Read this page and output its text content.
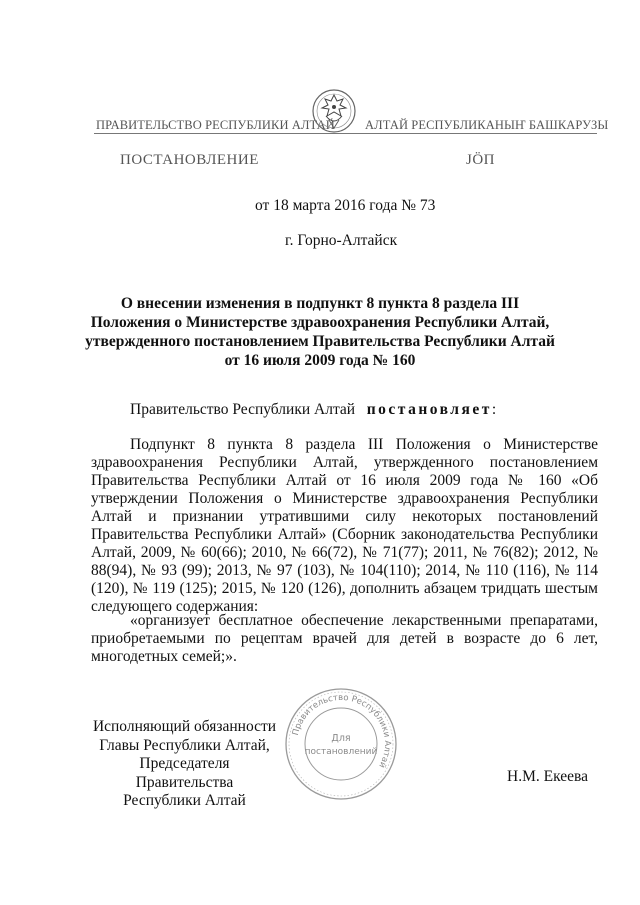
ПРАВИТЕЛЬСТВО РЕСПУБЛИКИ АЛТАЙ АЛТАЙ РЕСПУБЛИКАНЫҤ БАШКАРУЗЫ
ПОСТАНОВЛЕНИЕ	ЈÖП
от 18 марта 2016 года № 73
г. Горно-Алтайск
О внесении изменения в подпункт 8 пункта 8 раздела III
Положения о Министерстве здравоохранения Республики Алтай,
утвержденного постановлением Правительства Республики Алтай
от 16 июля 2009 года № 160
Правительство Республики Алтай постановляет:

Подпункт 8 пункта 8 раздела III Положения о Министерстве здравоохранения Республики Алтай, утвержденного постановлением Правительства Республики Алтай от 16 июля 2009 года № 160 «Об утверждении Положения о Министерстве здравоохранения Республики Алтай и признании утратившими силу некоторых постановлений Правительства Республики Алтай» (Сборник законодательства Республики Алтай, 2009, № 60(66); 2010, № 66(72), № 71(77); 2011, № 76(82); 2012, № 88(94), № 93 (99); 2013, № 97 (103), № 104(110); 2014, № 110 (116), № 114 (120), № 119 (125); 2015, № 120 (126), дополнить абзацем тридцать шестым следующего содержания:

«организует бесплатное обеспечение лекарственными препаратами, приобретаемыми по рецептам врачей для детей в возрасте до 6 лет, многодетных семей;».

Исполняющий обязанности
Главы Республики Алтай,
Председателя Правительства
Республики Алтай
Н.М. Екеева
Правительство Республики Алтай
Для
постановлений
